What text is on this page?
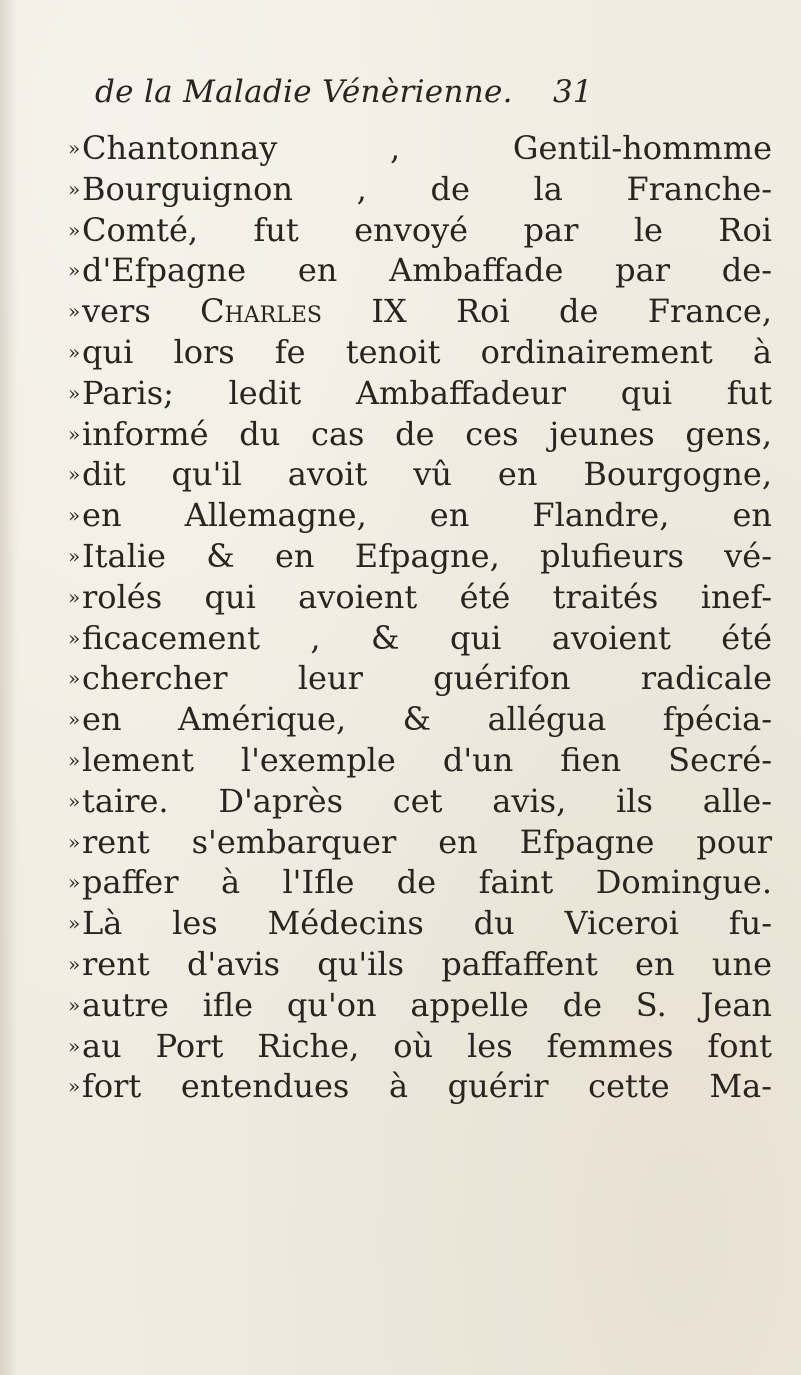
de la Maladie Vénèrienne.	31
» Chantonnay , Gentil-hommme
» Bourguignon , de la Franche-
» Comté, fut envoyé par le Roi
» d'Efpagne en Ambaffade par de-
» vers Charles IX Roi de France,
» qui lors fe tenoit ordinairement à
» Paris; ledit Ambaffadeur qui fut
» informé du cas de ces jeunes gens,
» dit qu'il avoit vû en Bourgogne,
» en Allemagne, en Flandre, en
» Italie & en Efpagne, plufieurs vé-
» rolés qui avoient été traités inef-
» ficacement , & qui avoient été
» chercher leur guérifon radicale
» en Amérique, & allégua fpécia-
» lement l'exemple d'un fien Secré-
» taire. D'après cet avis, ils alle-
» rent s'embarquer en Efpagne pour
» paffer à l'Ifle de faint Domingue.
» Là les Médecins du Viceroi fu-
» rent d'avis qu'ils paffaffent en une
» autre ifle qu'on appelle de S. Jean
» au Port Riche, où les femmes font
» fort entendues à guérir cette Ma-
